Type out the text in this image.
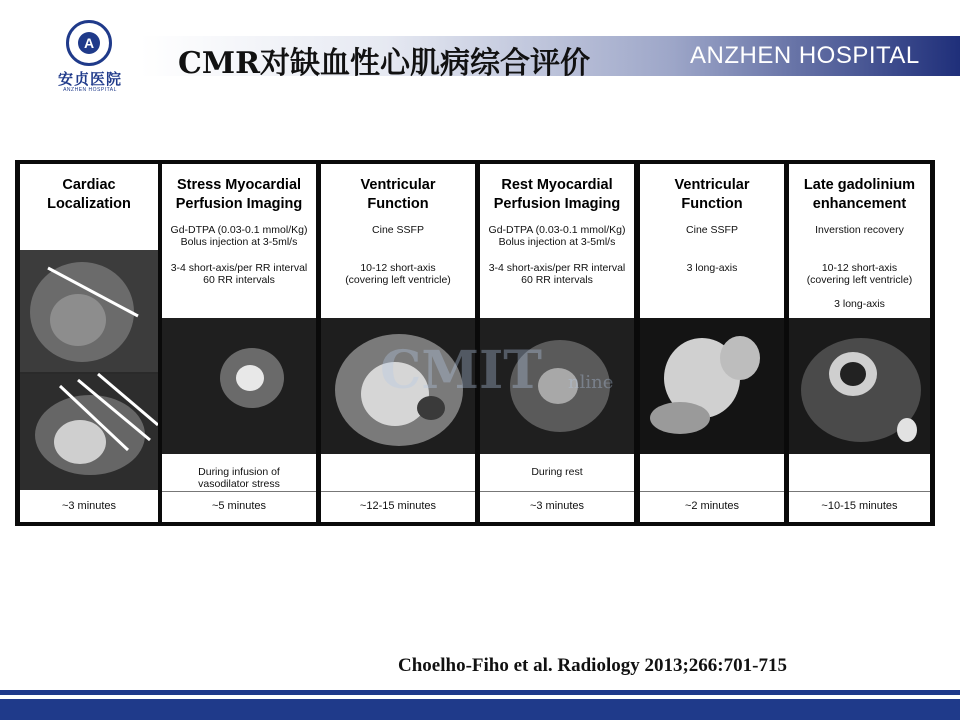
A
安贞医院
ANZHEN HOSPITAL
CMR对缺血性心肌病综合评价	ANZHEN HOSPITAL
Cardiac
Localization
~3 minutes
Stress Myocardial
Perfusion Imaging
Gd-DTPA (0.03-0.1 mmol/Kg)
Bolus injection at 3-5ml/s
3-4 short-axis/per RR interval
60 RR intervals
During infusion of
vasodilator stress
~5 minutes
Ventricular
Function
Cine SSFP
10-12 short-axis
(covering left ventricle)
~12-15 minutes
Rest Myocardial
Perfusion Imaging
Gd-DTPA (0.03-0.1 mmol/Kg)
Bolus injection at 3-5ml/s
3-4 short-axis/per RR interval
60 RR intervals
During rest
~3 minutes
Ventricular
Function
Cine SSFP
3 long-axis
~2 minutes
Late gadolinium
enhancement
Inverstion recovery
10-12 short-axis
(covering left ventricle)
3 long-axis
~10-15 minutes
CMIT nline
Choelho-Fiho et al. Radiology 2013;266:701-715
